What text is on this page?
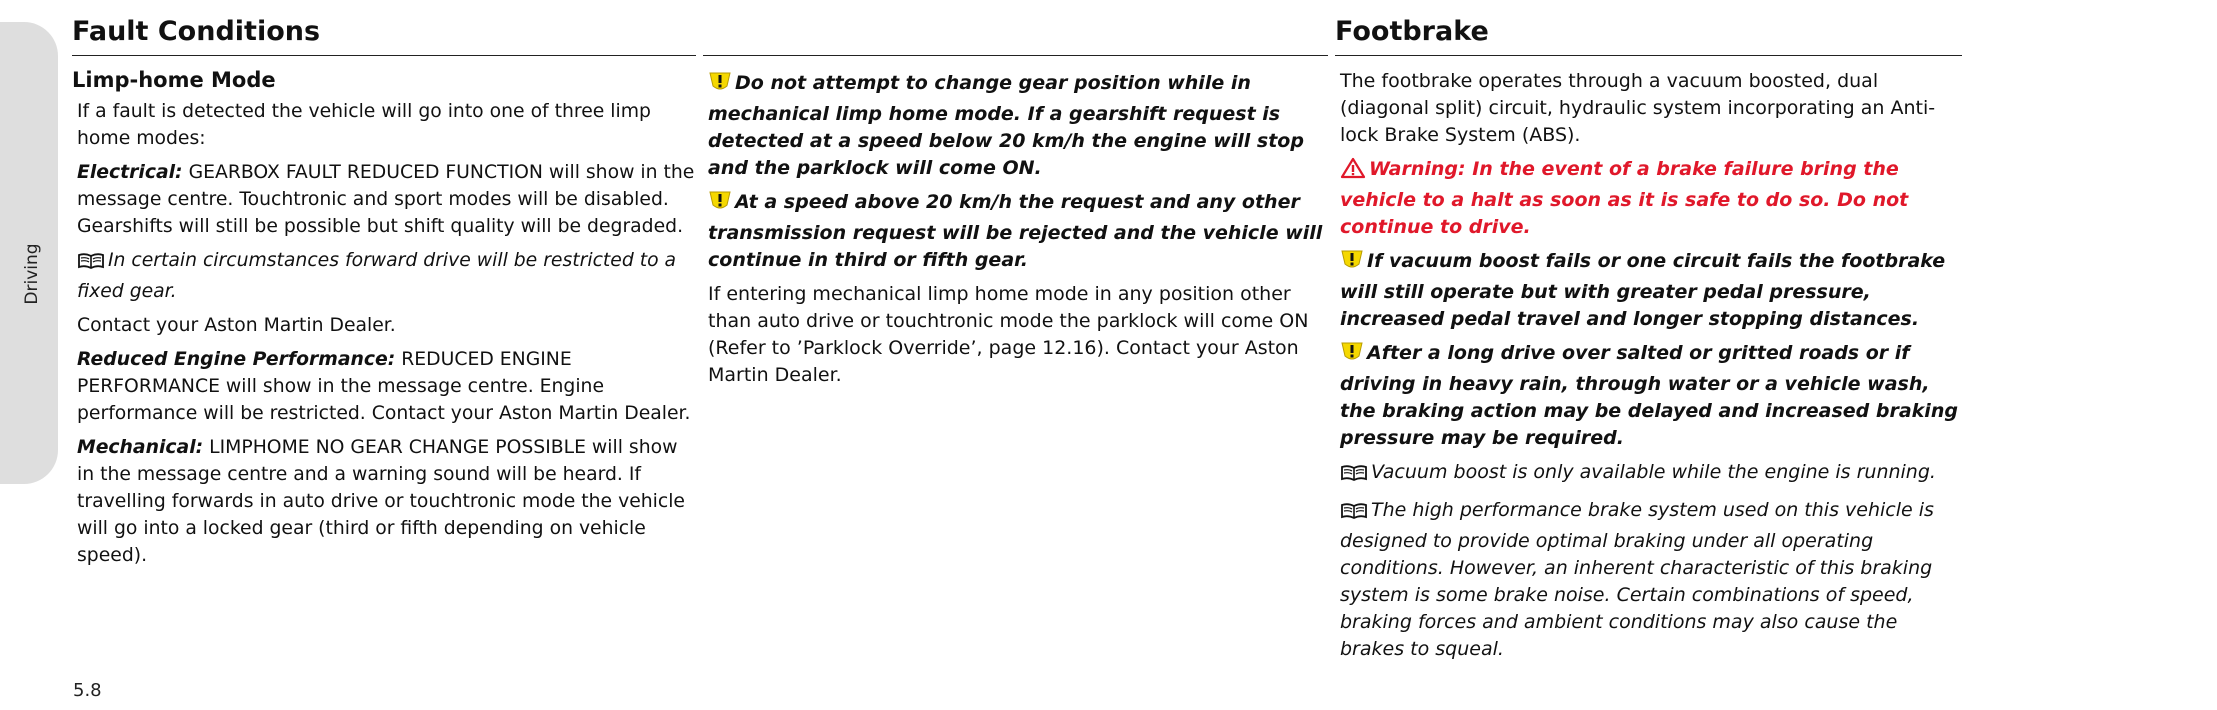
Driving
Fault Conditions
Limp-home Mode

If a fault is detected the vehicle will go into one of three limp home modes:

Electrical: GEARBOX FAULT REDUCED FUNCTION will show in the message centre. Touchtronic and sport modes will be disabled. Gearshifts will still be possible but shift quality will be degraded.

In certain circumstances forward drive will be restricted to a fixed gear.

Contact your Aston Martin Dealer.

Reduced Engine Performance: REDUCED ENGINE PERFORMANCE will show in the message centre. Engine performance will be restricted. Contact your Aston Martin Dealer.

Mechanical: LIMPHOME NO GEAR CHANGE POSSIBLE will show in the message centre and a warning sound will be heard. If travelling forwards in auto drive or touchtronic mode the vehicle will go into a locked gear (third or fifth depending on vehicle speed).

Do not attempt to change gear position while in mechanical limp home mode. If a gearshift request is detected at a speed below 20 km/h the engine will stop and the parklock will come ON.

At a speed above 20 km/h the request and any other transmission request will be rejected and the vehicle will continue in third or fifth gear.

If entering mechanical limp home mode in any position other than auto drive or touchtronic mode the parklock will come ON (Refer to ’Parklock Override’, page 12.16). Contact your Aston Martin Dealer.

Footbrake

The footbrake operates through a vacuum boosted, dual (diagonal split) circuit, hydraulic system incorporating an Anti-lock Brake System (ABS).

Warning: In the event of a brake failure bring the vehicle to a halt as soon as it is safe to do so. Do not continue to drive.

If vacuum boost fails or one circuit fails the footbrake will still operate but with greater pedal pressure, increased pedal travel and longer stopping distances.

After a long drive over salted or gritted roads or if driving in heavy rain, through water or a vehicle wash, the braking action may be delayed and increased braking pressure may be required.

Vacuum boost is only available while the engine is running.

The high performance brake system used on this vehicle is designed to provide optimal braking under all operating conditions. However, an inherent characteristic of this braking system is some brake noise. Certain combinations of speed, braking forces and ambient conditions may also cause the brakes to squeal.

5.8
